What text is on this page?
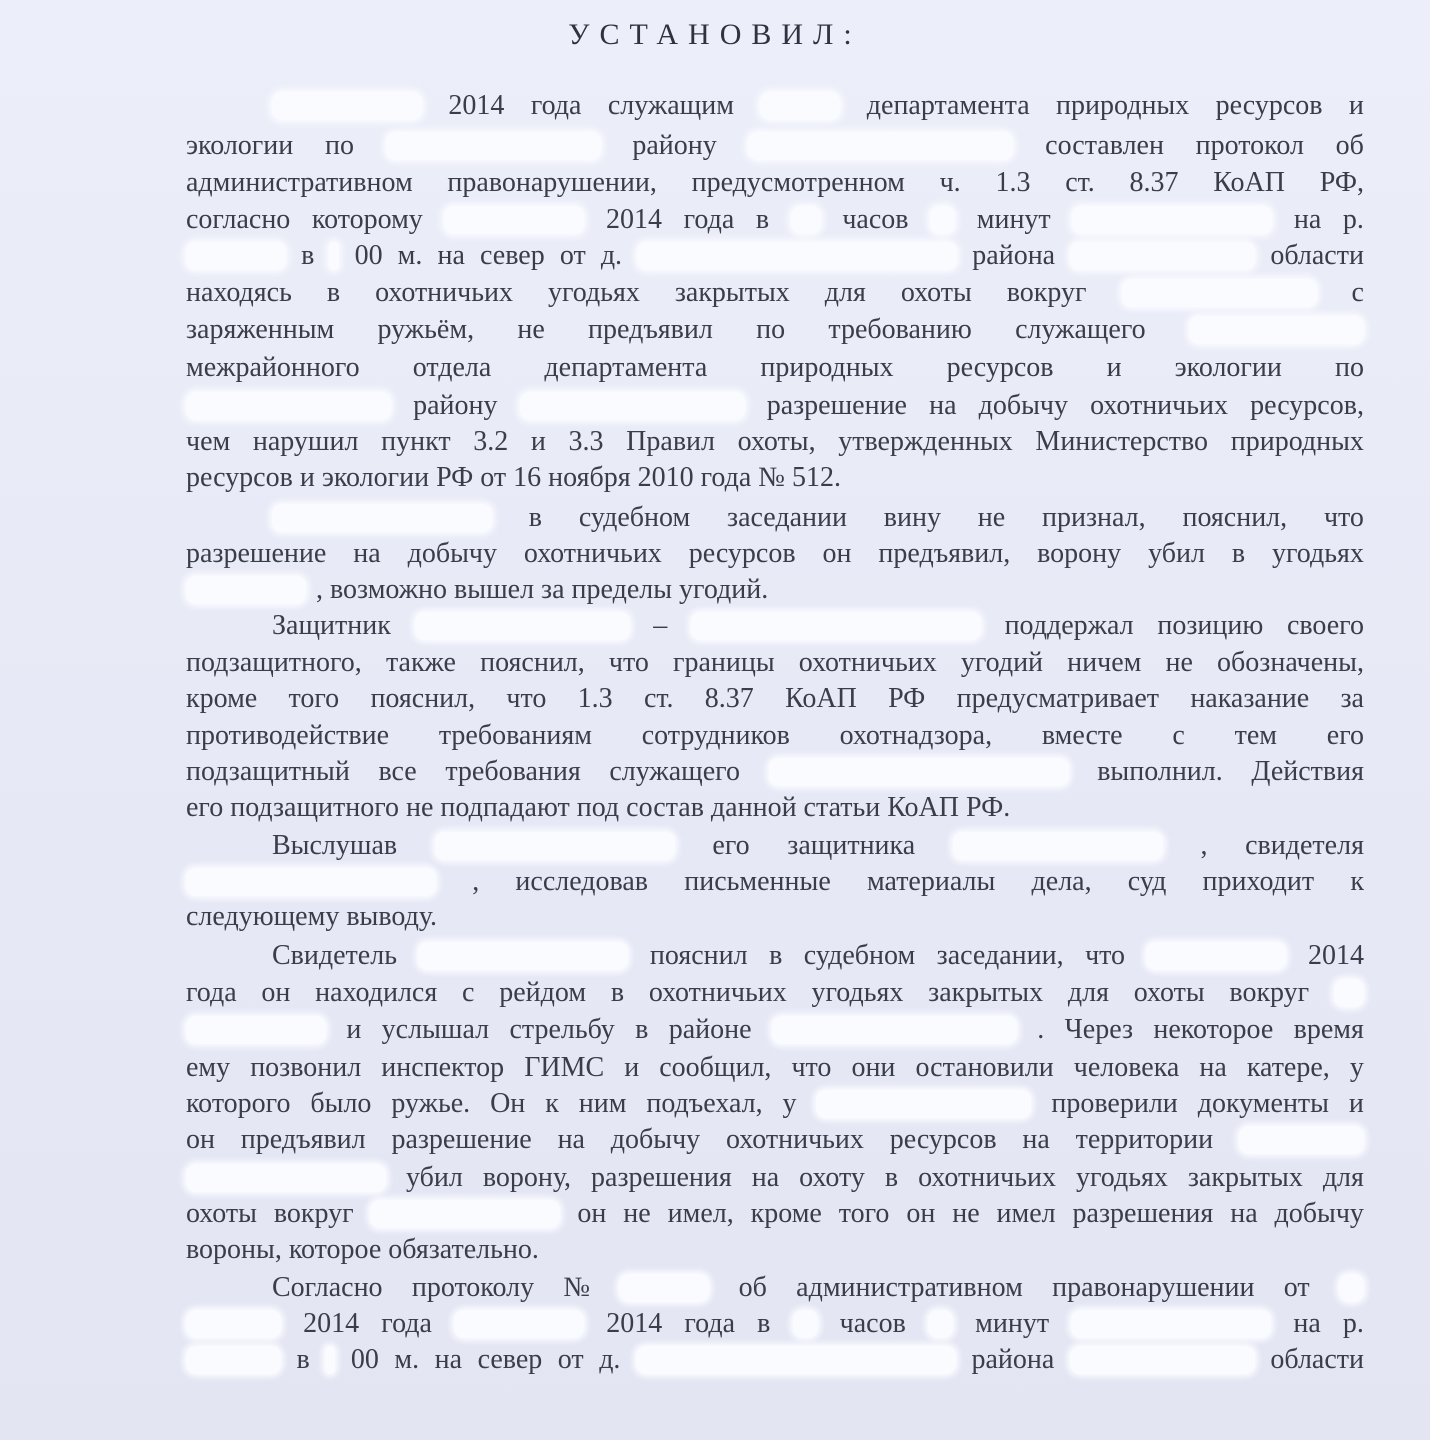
УСТАНОВИЛ:
2014 года служащим	департамента природных ресурсов и
экологии по	району	составлен протокол об
административном правонарушении, предусмотренном ч. 1.3 ст. 8.37 КоАП РФ,
согласно которому	2014 года в	часов минут	на р.
в 00 м. на север от д.	района	области
находясь в охотничьих угодьях закрытых для охоты вокруг	с
заряженным ружьём, не предъявил по требованию служащего
межрайонного отдела департамента природных ресурсов и экологии по
району	разрешение на добычу охотничьих ресурсов,
чем нарушил пункт 3.2 и 3.3 Правил охоты, утвержденных Министерство природных
ресурсов и экологии РФ от 16 ноября 2010 года № 512.
в судебном заседании вину не признал, пояснил, что
разрешение на добычу охотничьих ресурсов он предъявил, ворону убил в угодьях
, возможно вышел за пределы угодий.
Защитник	–	поддержал позицию своего
подзащитного, также пояснил, что границы охотничьих угодий ничем не обозначены,
кроме того пояснил, что 1.3 ст. 8.37 КоАП РФ предусматривает наказание за
противодействие требованиям сотрудников охотнадзора, вместе с тем его
подзащитный все требования служащего	выполнил. Действия
его подзащитного не подпадают под состав данной статьи КоАП РФ.
Выслушав	его защитника	, свидетеля
, исследовав письменные материалы дела, суд приходит к
следующему выводу.
Свидетель	пояснил в судебном заседании, что	2014
года он находился с рейдом в охотничьих угодьях закрытых для охоты вокруг
и услышал стрельбу в районе	. Через некоторое время
ему позвонил инспектор ГИМС и сообщил, что они остановили человека на катере, у
которого было ружье. Он к ним подъехал, у	проверили документы и
он предъявил разрешение на добычу охотничьих ресурсов на территории
убил ворону, разрешения на охоту в охотничьих угодьях закрытых для
охоты вокруг	он не имел, кроме того он не имел разрешения на добычу
вороны, которое обязательно.
Согласно протоколу №	об административном правонарушении от
2014 года	2014 года в часов минут	на р.
в 00 м. на север от д.	района	области
